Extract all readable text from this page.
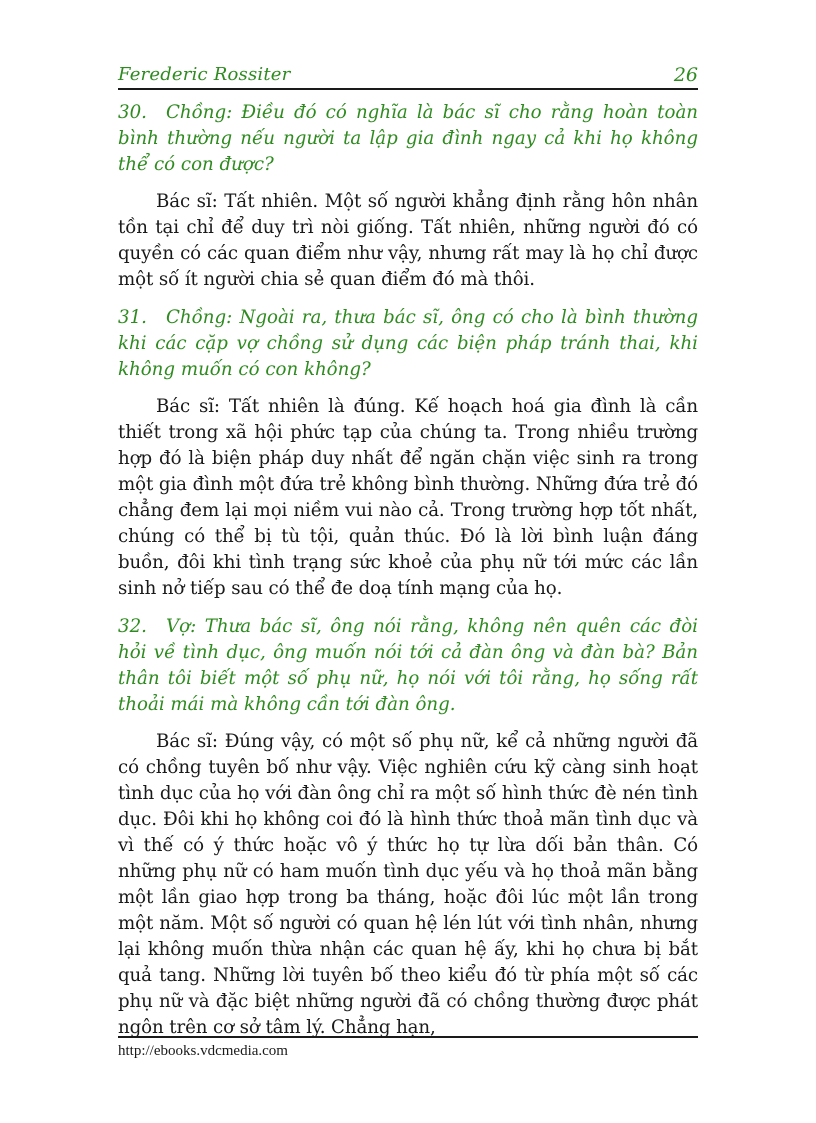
Ferederic Rossiter	26

30. Chồng: Điều đó có nghĩa là bác sĩ cho rằng hoàn toàn bình thường nếu người ta lập gia đình ngay cả khi họ không thể có con được?

Bác sĩ: Tất nhiên. Một số người khẳng định rằng hôn nhân tồn tại chỉ để duy trì nòi giống. Tất nhiên, những người đó có quyền có các quan điểm như vậy, nhưng rất may là họ chỉ được một số ít người chia sẻ quan điểm đó mà thôi.

31. Chồng: Ngoài ra, thưa bác sĩ, ông có cho là bình thường khi các cặp vợ chồng sử dụng các biện pháp tránh thai, khi không muốn có con không?

Bác sĩ: Tất nhiên là đúng. Kế hoạch hoá gia đình là cần thiết trong xã hội phức tạp của chúng ta. Trong nhiều trường hợp đó là biện pháp duy nhất để ngăn chặn việc sinh ra trong một gia đình một đứa trẻ không bình thường. Những đứa trẻ đó chẳng đem lại mọi niềm vui nào cả. Trong trường hợp tốt nhất, chúng có thể bị tù tội, quản thúc. Đó là lời bình luận đáng buồn, đôi khi tình trạng sức khoẻ của phụ nữ tới mức các lần sinh nở tiếp sau có thể đe doạ tính mạng của họ.

32. Vợ: Thưa bác sĩ, ông nói rằng, không nên quên các đòi hỏi về tình dục, ông muốn nói tới cả đàn ông và đàn bà? Bản thân tôi biết một số phụ nữ, họ nói với tôi rằng, họ sống rất thoải mái mà không cần tới đàn ông.

Bác sĩ: Đúng vậy, có một số phụ nữ, kể cả những người đã có chồng tuyên bố như vậy. Việc nghiên cứu kỹ càng sinh hoạt tình dục của họ với đàn ông chỉ ra một số hình thức đè nén tình dục. Đôi khi họ không coi đó là hình thức thoả mãn tình dục và vì thế có ý thức hoặc vô ý thức họ tự lừa dối bản thân. Có những phụ nữ có ham muốn tình dục yếu và họ thoả mãn bằng một lần giao hợp trong ba tháng, hoặc đôi lúc một lần trong một năm. Một số người có quan hệ lén lút với tình nhân, nhưng lại không muốn thừa nhận các quan hệ ấy, khi họ chưa bị bắt quả tang. Những lời tuyên bố theo kiểu đó từ phía một số các phụ nữ và đặc biệt những người đã có chồng thường được phát ngôn trên cơ sở tâm lý. Chẳng hạn,

http://ebooks.vdcmedia.com
